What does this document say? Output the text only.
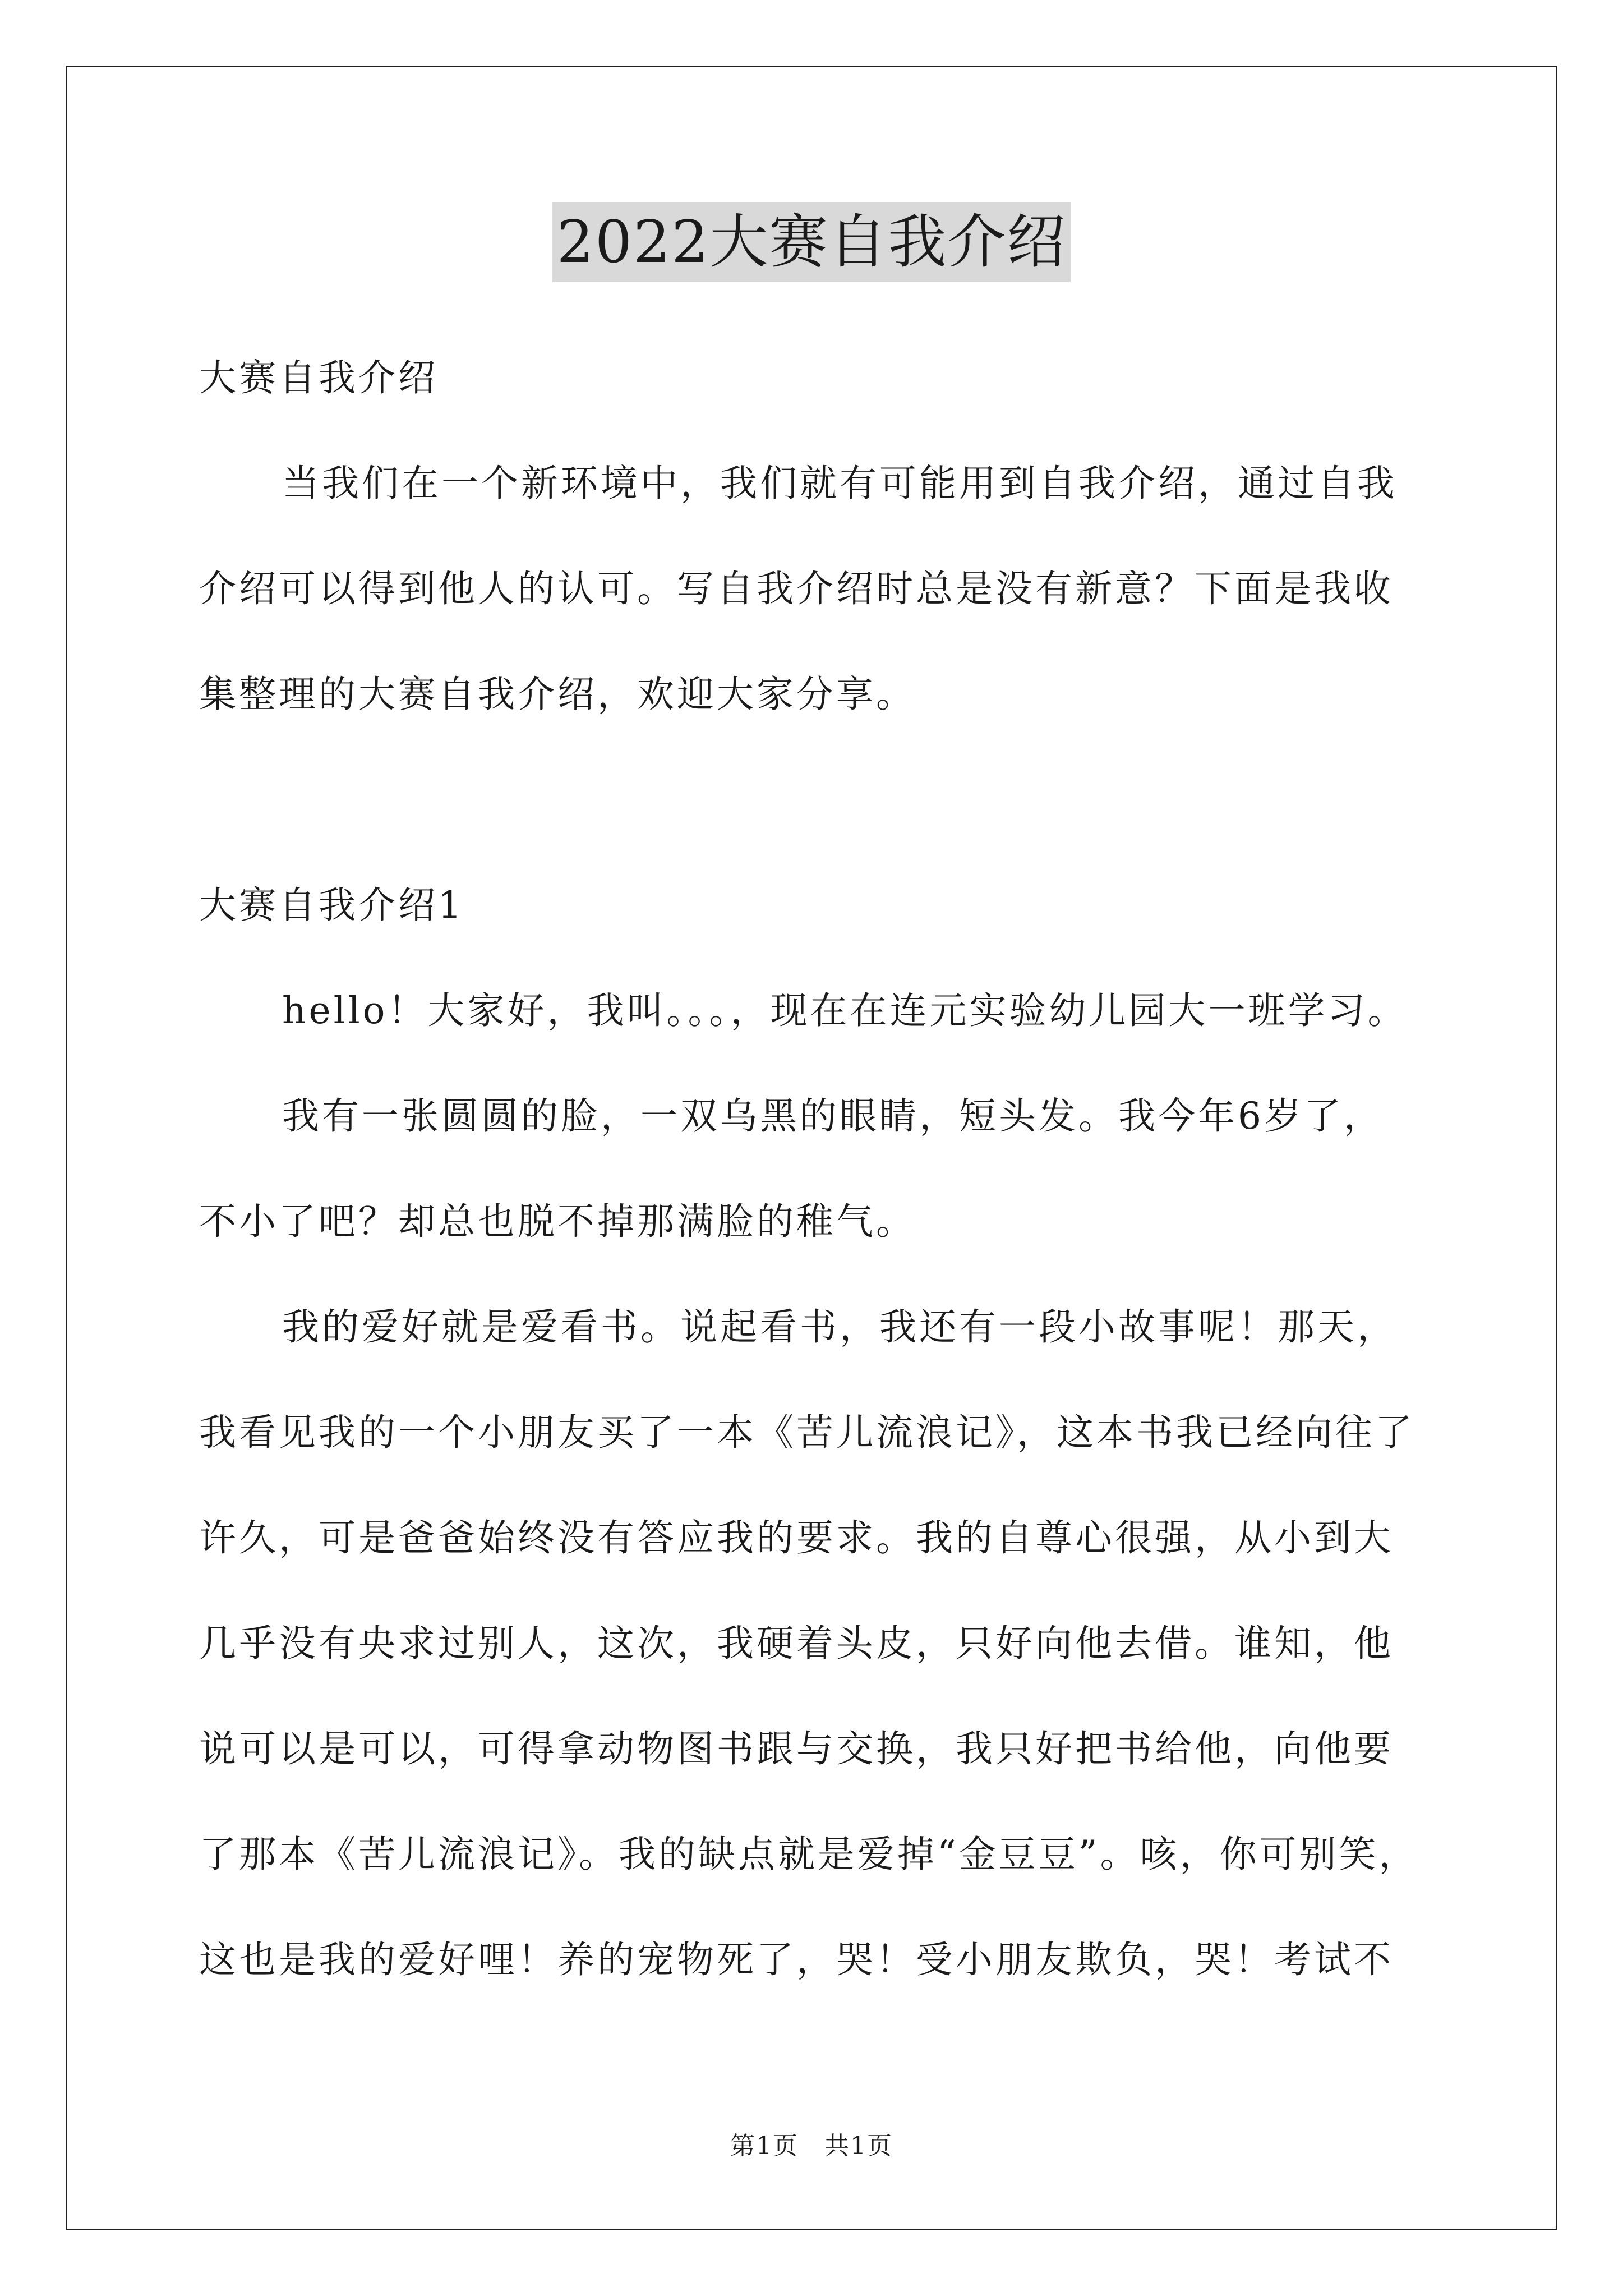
2022大赛自我介绍
大赛自我介绍
当我们在一个新环境中，我们就有可能用到自我介绍，通过自我
介绍可以得到他人的认可。写自我介绍时总是没有新意？下面是我收
集整理的大赛自我介绍，欢迎大家分享。
大赛自我介绍1
hello！大家好，我叫。。。，现在在连元实验幼儿园大一班学习。
我有一张圆圆的脸，一双乌黑的眼睛，短头发。我今年6岁了，
不小了吧？却总也脱不掉那满脸的稚气。
我的爱好就是爱看书。说起看书，我还有一段小故事呢！那天，
我看见我的一个小朋友买了一本《苦儿流浪记》，这本书我已经向往了
许久，可是爸爸始终没有答应我的要求。我的自尊心很强，从小到大
几乎没有央求过别人，这次，我硬着头皮，只好向他去借。谁知，他
说可以是可以，可得拿动物图书跟与交换，我只好把书给他，向他要
了那本《苦儿流浪记》。我的缺点就是爱掉“金豆豆”。咳，你可别笑，
这也是我的爱好哩！养的宠物死了，哭！受小朋友欺负，哭！考试不
第1页　共1页
